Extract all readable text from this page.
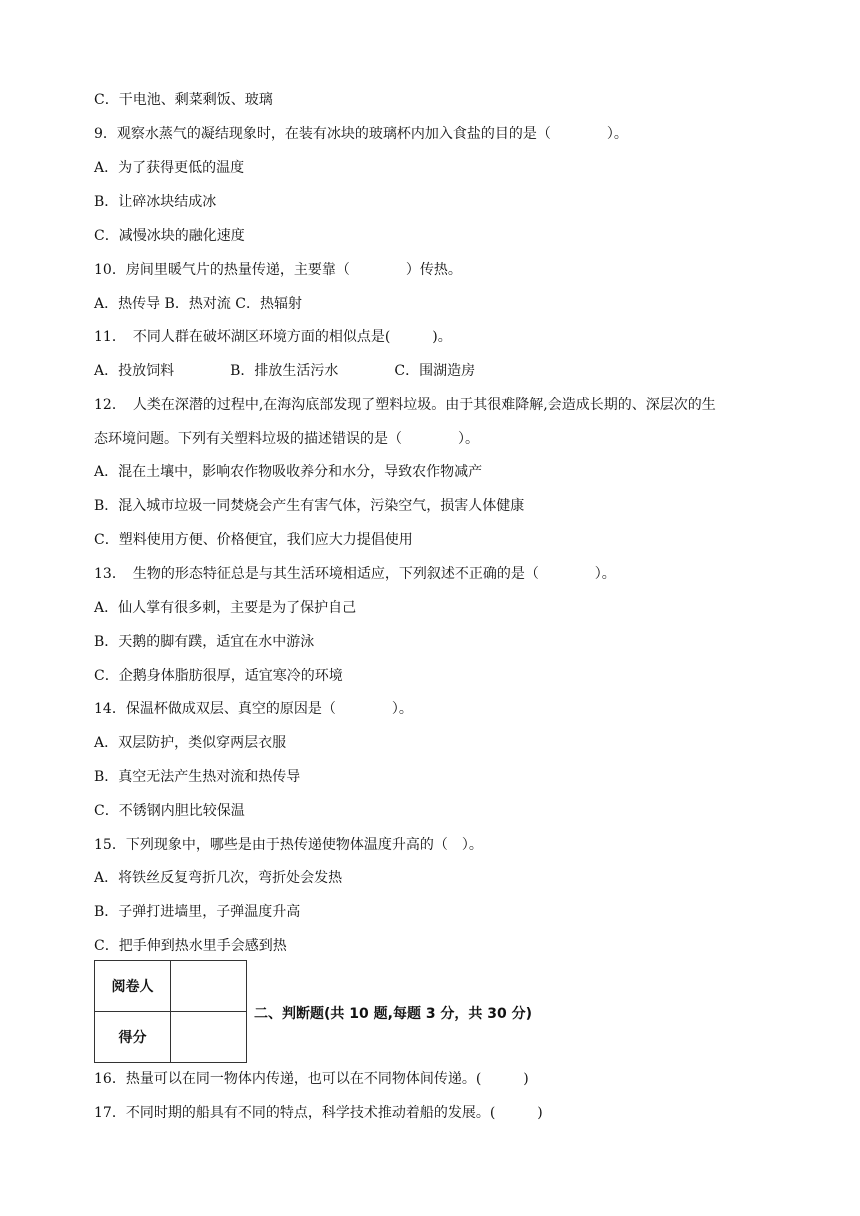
C．干电池、剩菜剩饭、玻璃
9．观察水蒸气的凝结现象时，在装有冰块的玻璃杯内加入食盐的目的是（　　　　）。
A．为了获得更低的温度
B．让碎冰块结成冰
C．减慢冰块的融化速度
10．房间里暖气片的热量传递，主要靠（　　　　）传热。
A．热传导 B．热对流 C．热辐射
11．　不同人群在破坏湖区环境方面的相似点是(　　　)。
A．投放饲料　　　　B．排放生活污水　　　　C．围湖造房
12．　人类在深潜的过程中,在海沟底部发现了塑料垃圾。由于其很难降解,会造成长期的、深层次的生
态环境问题。下列有关塑料垃圾的描述错误的是（　　　　）。
A．混在土壤中，影响农作物吸收养分和水分，导致农作物减产
B．混入城市垃圾一同焚烧会产生有害气体，污染空气，损害人体健康
C．塑料使用方便、价格便宜，我们应大力提倡使用
13．　生物的形态特征总是与其生活环境相适应，下列叙述不正确的是（　　　　）。
A．仙人掌有很多刺，主要是为了保护自己
B．天鹅的脚有蹼，适宜在水中游泳
C．企鹅身体脂肪很厚，适宜寒冷的环境
14．保温杯做成双层、真空的原因是（　　　　）。
A．双层防护，类似穿两层衣服
B．真空无法产生热对流和热传导
C．不锈钢内胆比较保温
15．下列现象中，哪些是由于热传递使物体温度升高的（　）。
A．将铁丝反复弯折几次，弯折处会发热
B．子弹打进墙里，子弹温度升高
C．把手伸到热水里手会感到热
阅卷人	
得分	
二、判断题(共 10 题,每题 3 分，共 30 分)
16．热量可以在同一物体内传递，也可以在不同物体间传递。(　　　)
17．不同时期的船具有不同的特点，科学技术推动着船的发展。(　　　)
